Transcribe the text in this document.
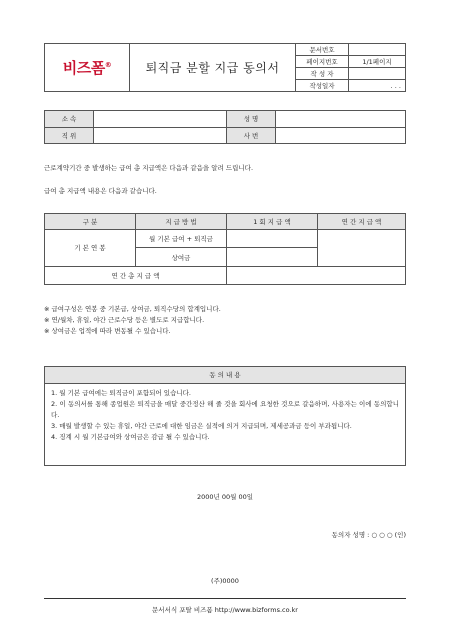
비즈폼®	퇴직금 분할 지급 동의서	문서번호	
		페이지번호	1/1페이지
		작 성 자	
		작성일자	. . .
소 속		성 명	
직 위		사 번	
근로계약기간 중 발생하는 급여 총 지급액은 다음과 같음을 알려 드립니다.
급여 총 지급액 내용은 다음과 같습니다.
구 분	지 급 방 법	1 회 지 급 액	연 간 지 급 액
기 본 연 봉	월 기본 급여 + 퇴직금		
	상여금		
연 간 총 지 급 액			
※ 급여구성은 연봉 중 기본급, 상여금, 퇴직수당의 합계입니다.
※ 연/월차, 휴일, 야간 근로수당 등은 별도로 지급합니다.
※ 상여금은 업적에 따라 변동될 수 있습니다.
동 의 내 용
1. 월 기본 급여에는 퇴직금이 포함되어 있습니다.
2. 이 동의서를 통해 종업원은 퇴직금을 매달 중간정산 해 줄 것을 회사에 요청한 것으로 갈음하며, 사용자는 이에 동의합니다.
3. 매월 발생할 수 있는 휴일, 야간 근로에 대한 임금은 실적에 의거 지급되며, 제세공과금 등이 부과됩니다.
4. 징계 시 월 기본급여와 상여금은 감급 될 수 있습니다.
2000년 00월 00일
동의자 성명 : ○ ○ ○ (인)
(주)0000
문서서식 포탈 비즈폼 http://www.bizforms.co.kr
